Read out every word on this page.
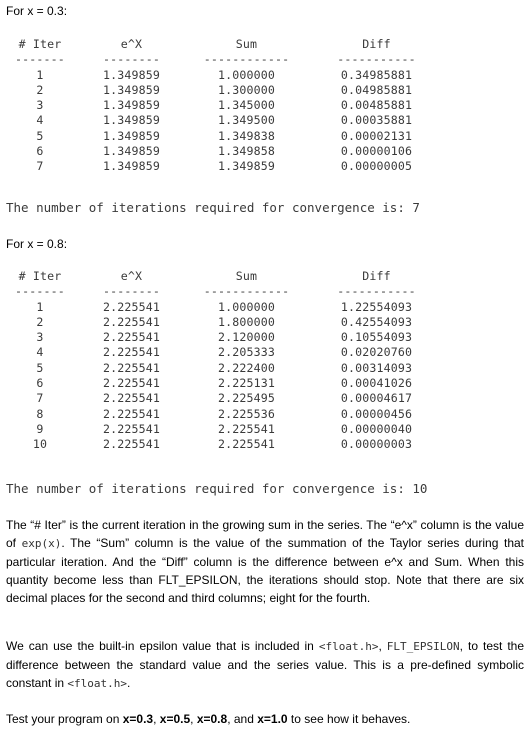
For x = 0.3:
# Iter	e^X	Sum	Diff
-------	--------	------------	-----------
1	1.349859	1.000000	0.34985881
2	1.349859	1.300000	0.04985881
3	1.349859	1.345000	0.00485881
4	1.349859	1.349500	0.00035881
5	1.349859	1.349838	0.00002131
6	1.349859	1.349858	0.00000106
7	1.349859	1.349859	0.00000005
The number of iterations required for convergence is: 7
For x = 0.8:
# Iter	e^X	Sum	Diff
-------	--------	------------	-----------
1	2.225541	1.000000	1.22554093
2	2.225541	1.800000	0.42554093
3	2.225541	2.120000	0.10554093
4	2.225541	2.205333	0.02020760
5	2.225541	2.222400	0.00314093
6	2.225541	2.225131	0.00041026
7	2.225541	2.225495	0.00004617
8	2.225541	2.225536	0.00000456
9	2.225541	2.225541	0.00000040
10	2.225541	2.225541	0.00000003
The number of iterations required for convergence is: 10
The “# Iter” is the current iteration in the growing sum in the series. The “e^x” column is the value of exp(x). The “Sum” column is the value of the summation of the Taylor series during that particular iteration. And the “Diff” column is the difference between e^x and Sum. When this quantity become less than FLT_EPSILON, the iterations should stop. Note that there are six decimal places for the second and third columns; eight for the fourth.
We can use the built-in epsilon value that is included in <float.h>, FLT_EPSILON, to test the difference between the standard value and the series value. This is a pre-defined symbolic constant in <float.h>.
Test your program on x=0.3, x=0.5, x=0.8, and x=1.0 to see how it behaves.
